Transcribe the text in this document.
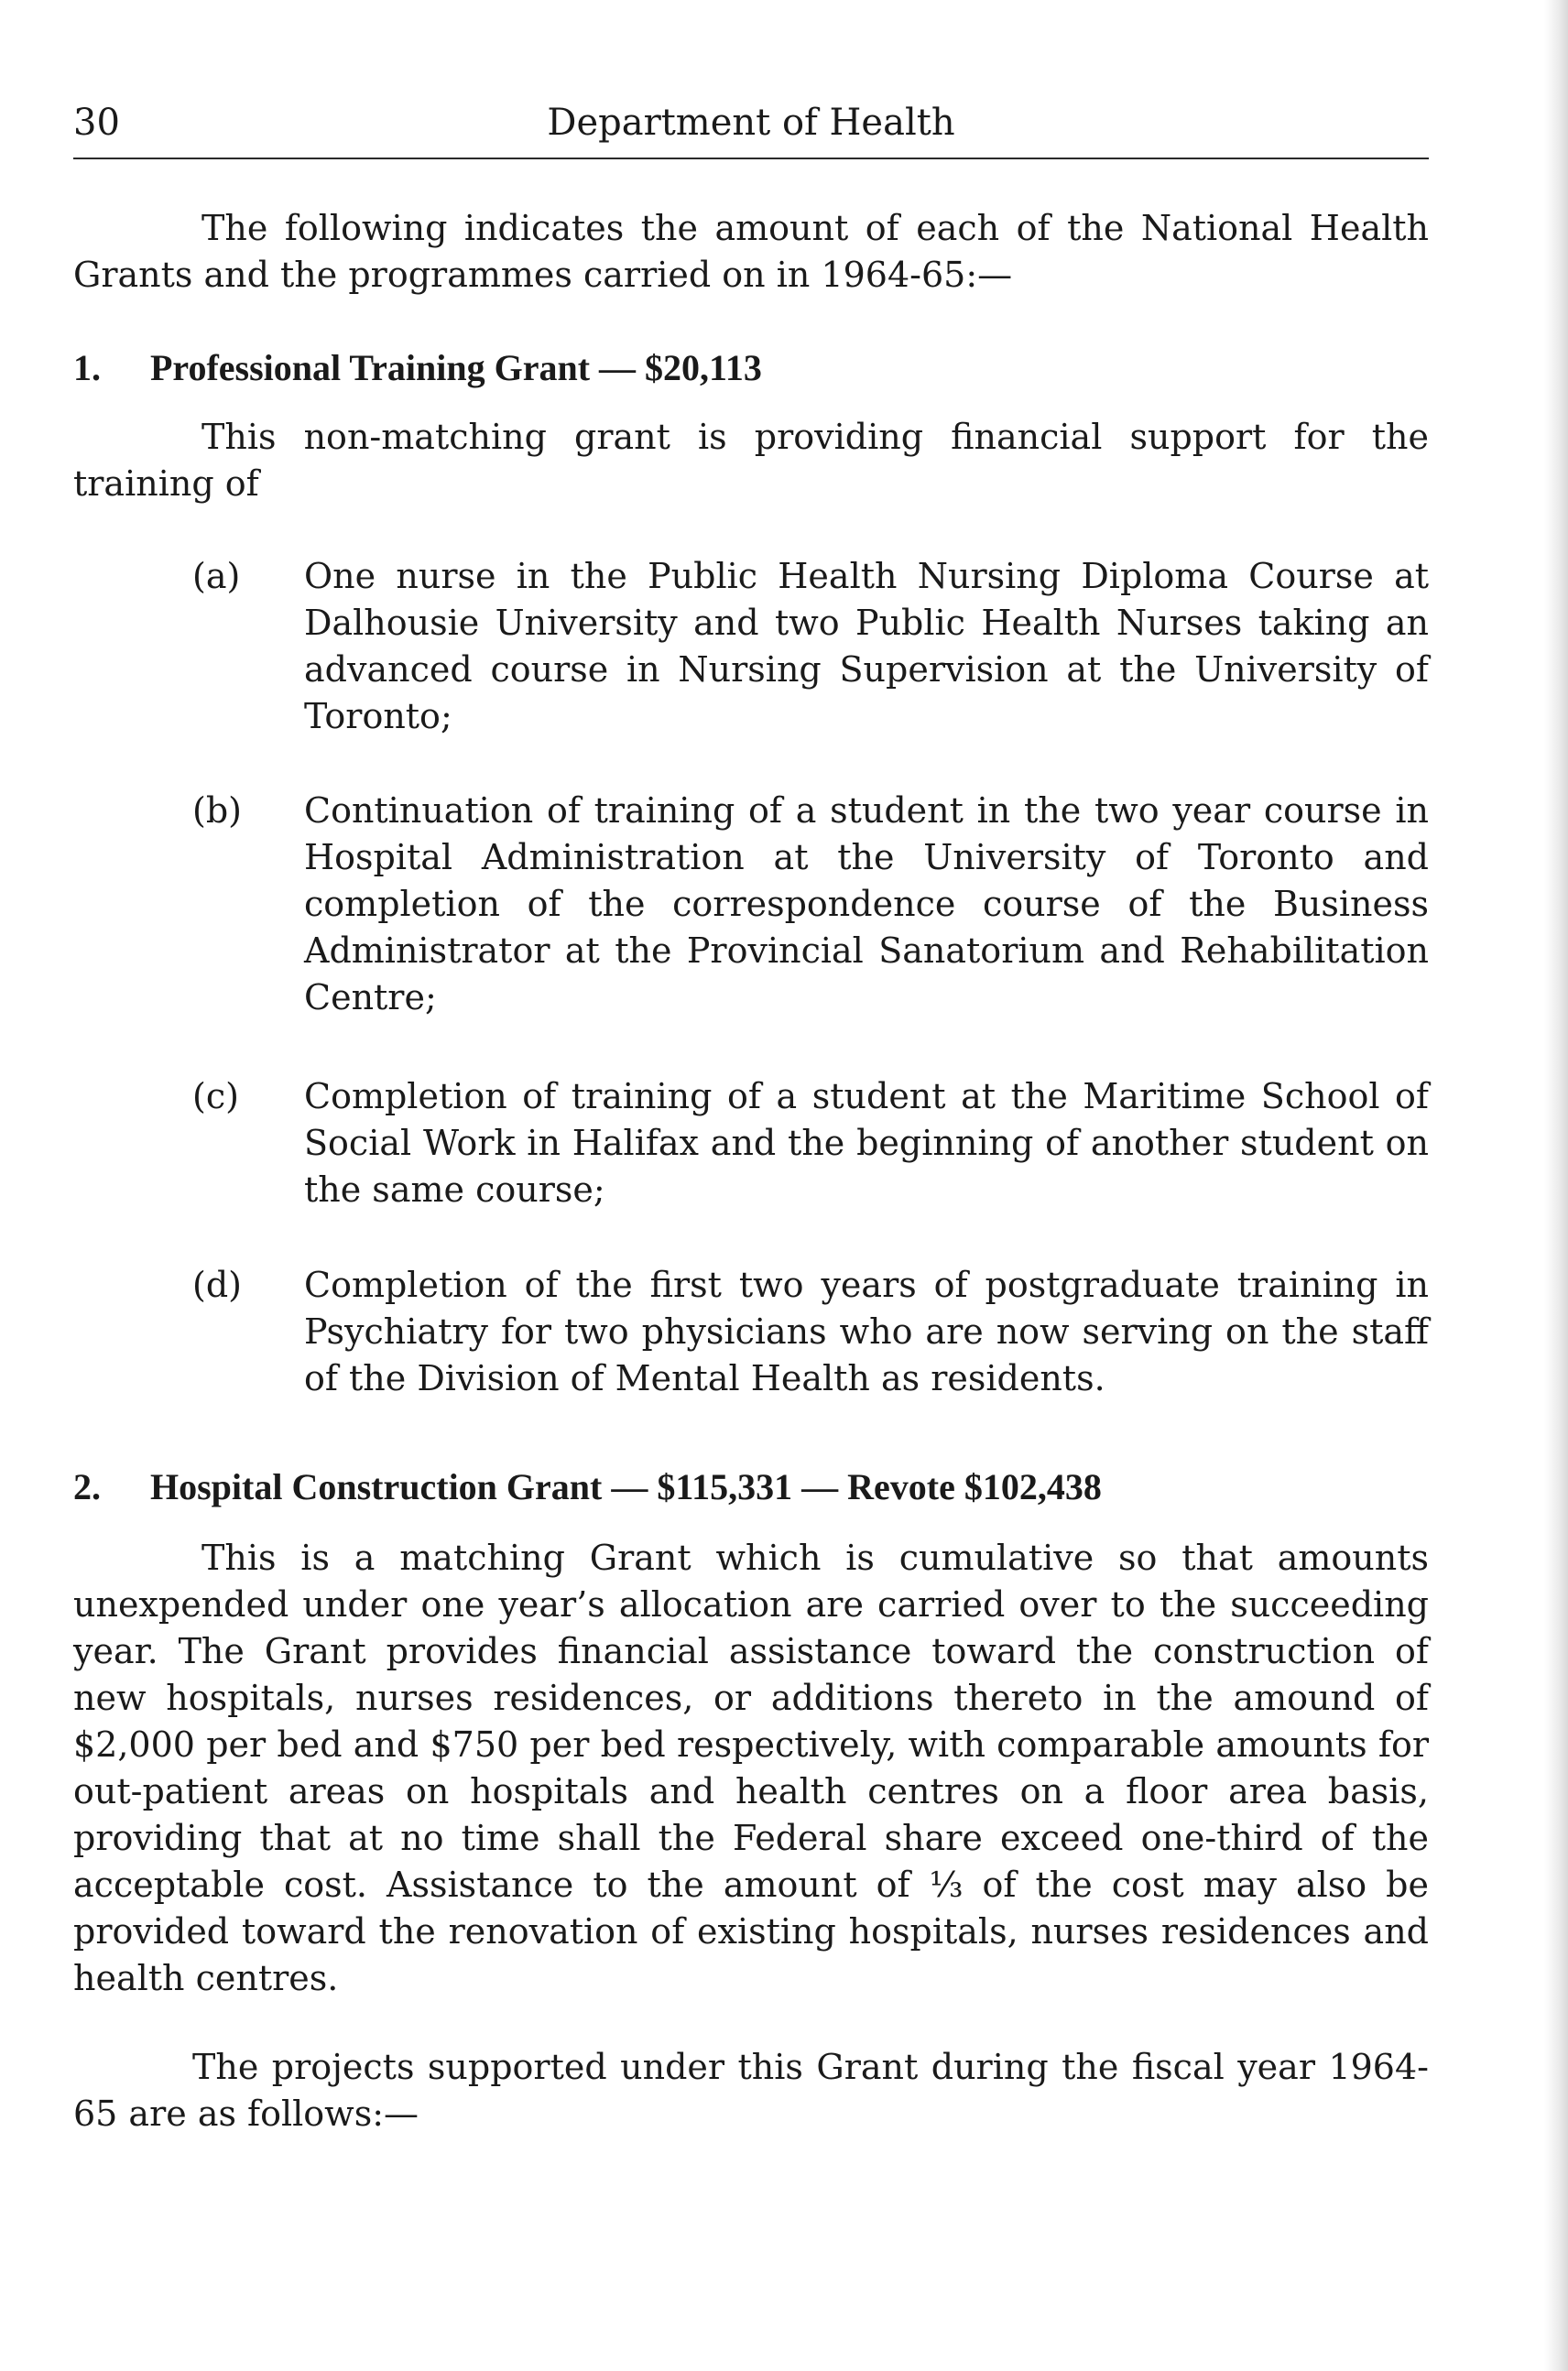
Department of Health
30

The following indicates the amount of each of the National Health Grants and the programmes carried on in 1964-65:—

1. Professional Training Grant — $20,113

This non-matching grant is providing financial support for the training of

(a)	One nurse in the Public Health Nursing Diploma Course at Dalhousie University and two Public Health Nurses taking an advanced course in Nursing Supervision at the University of Toronto;
(b)	Continuation of training of a student in the two year course in Hospital Administration at the University of Toronto and completion of the correspondence course of the Business Administrator at the Provincial Sanatorium and Rehabilitation Centre;
(c)	Completion of training of a student at the Maritime School of Social Work in Halifax and the beginning of another student on the same course;
(d)	Completion of the first two years of postgraduate training in Psychiatry for two physicians who are now serving on the staff of the Division of Mental Health as residents.
2. Hospital Construction Grant — $115,331 — Revote $102,438

This is a matching Grant which is cumulative so that amounts unexpended under one year’s allocation are carried over to the succeeding year. The Grant provides financial assistance toward the construction of new hospitals, nurses residences, or additions thereto in the amound of $2,000 per bed and $750 per bed respectively, with comparable amounts for out-patient areas on hospitals and health centres on a floor area basis, providing that at no time shall the Federal share exceed one-third of the acceptable cost. Assistance to the amount of ⅓ of the cost may also be provided toward the renovation of existing hospitals, nurses residences and health centres.

The projects supported under this Grant during the fiscal year 1964-65 are as follows:—
